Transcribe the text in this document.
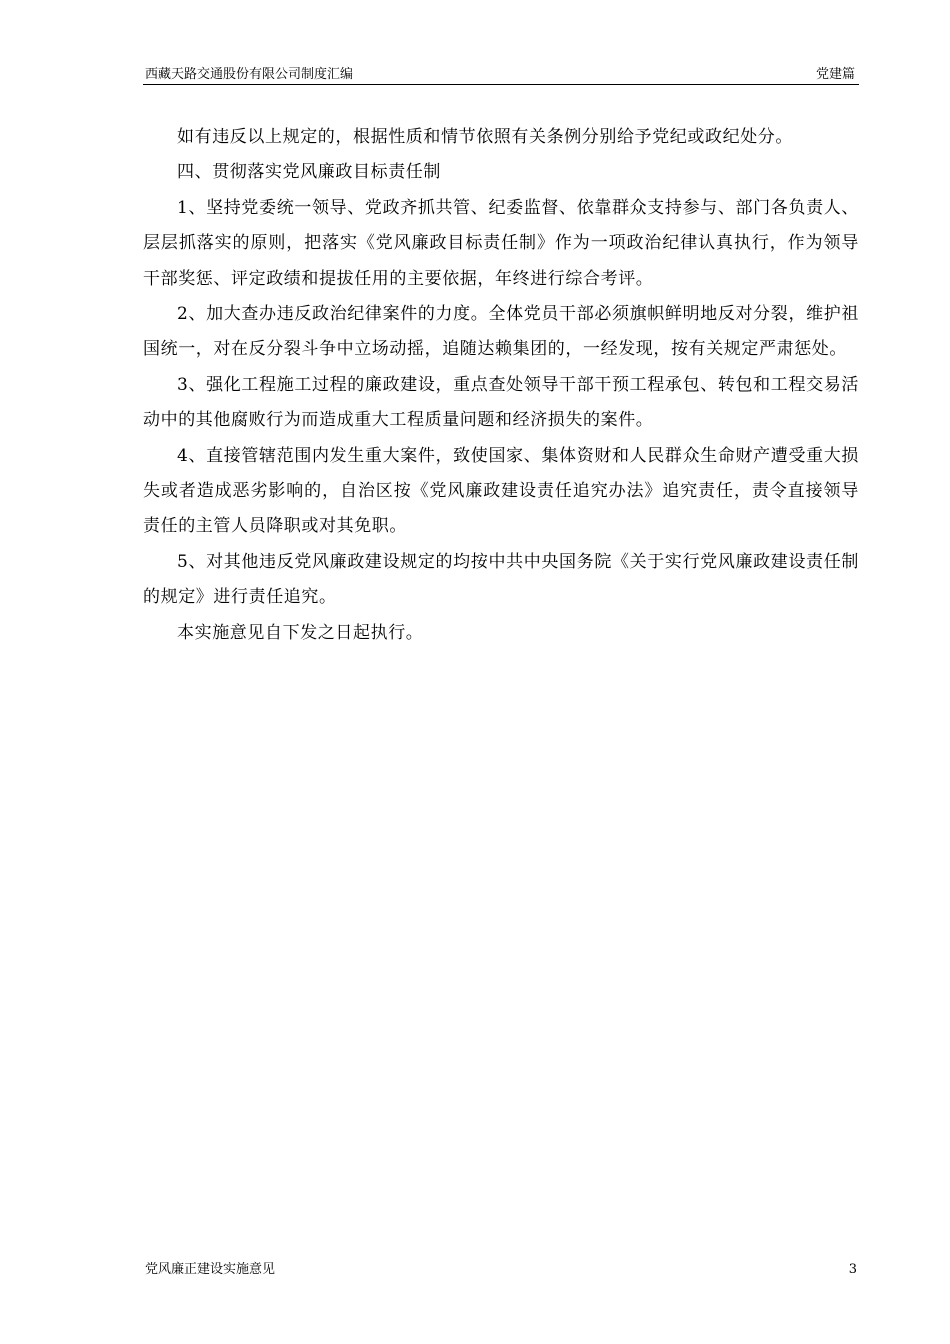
西藏天路交通股份有限公司制度汇编	党建篇

如有违反以上规定的，根据性质和情节依照有关条例分别给予党纪或政纪处分。

四、贯彻落实党风廉政目标责任制

1、坚持党委统一领导、党政齐抓共管、纪委监督、依靠群众支持参与、部门各负责人、层层抓落实的原则，把落实《党风廉政目标责任制》作为一项政治纪律认真执行，作为领导干部奖惩、评定政绩和提拔任用的主要依据，年终进行综合考评。

2、加大查办违反政治纪律案件的力度。全体党员干部必须旗帜鲜明地反对分裂，维护祖国统一，对在反分裂斗争中立场动摇，追随达赖集团的，一经发现，按有关规定严肃惩处。

3、强化工程施工过程的廉政建设，重点查处领导干部干预工程承包、转包和工程交易活动中的其他腐败行为而造成重大工程质量问题和经济损失的案件。

4、直接管辖范围内发生重大案件，致使国家、集体资财和人民群众生命财产遭受重大损失或者造成恶劣影响的，自治区按《党风廉政建设责任追究办法》追究责任，责令直接领导责任的主管人员降职或对其免职。

5、对其他违反党风廉政建设规定的均按中共中央国务院《关于实行党风廉政建设责任制的规定》进行责任追究。

本实施意见自下发之日起执行。

党风廉正建设实施意见	3
